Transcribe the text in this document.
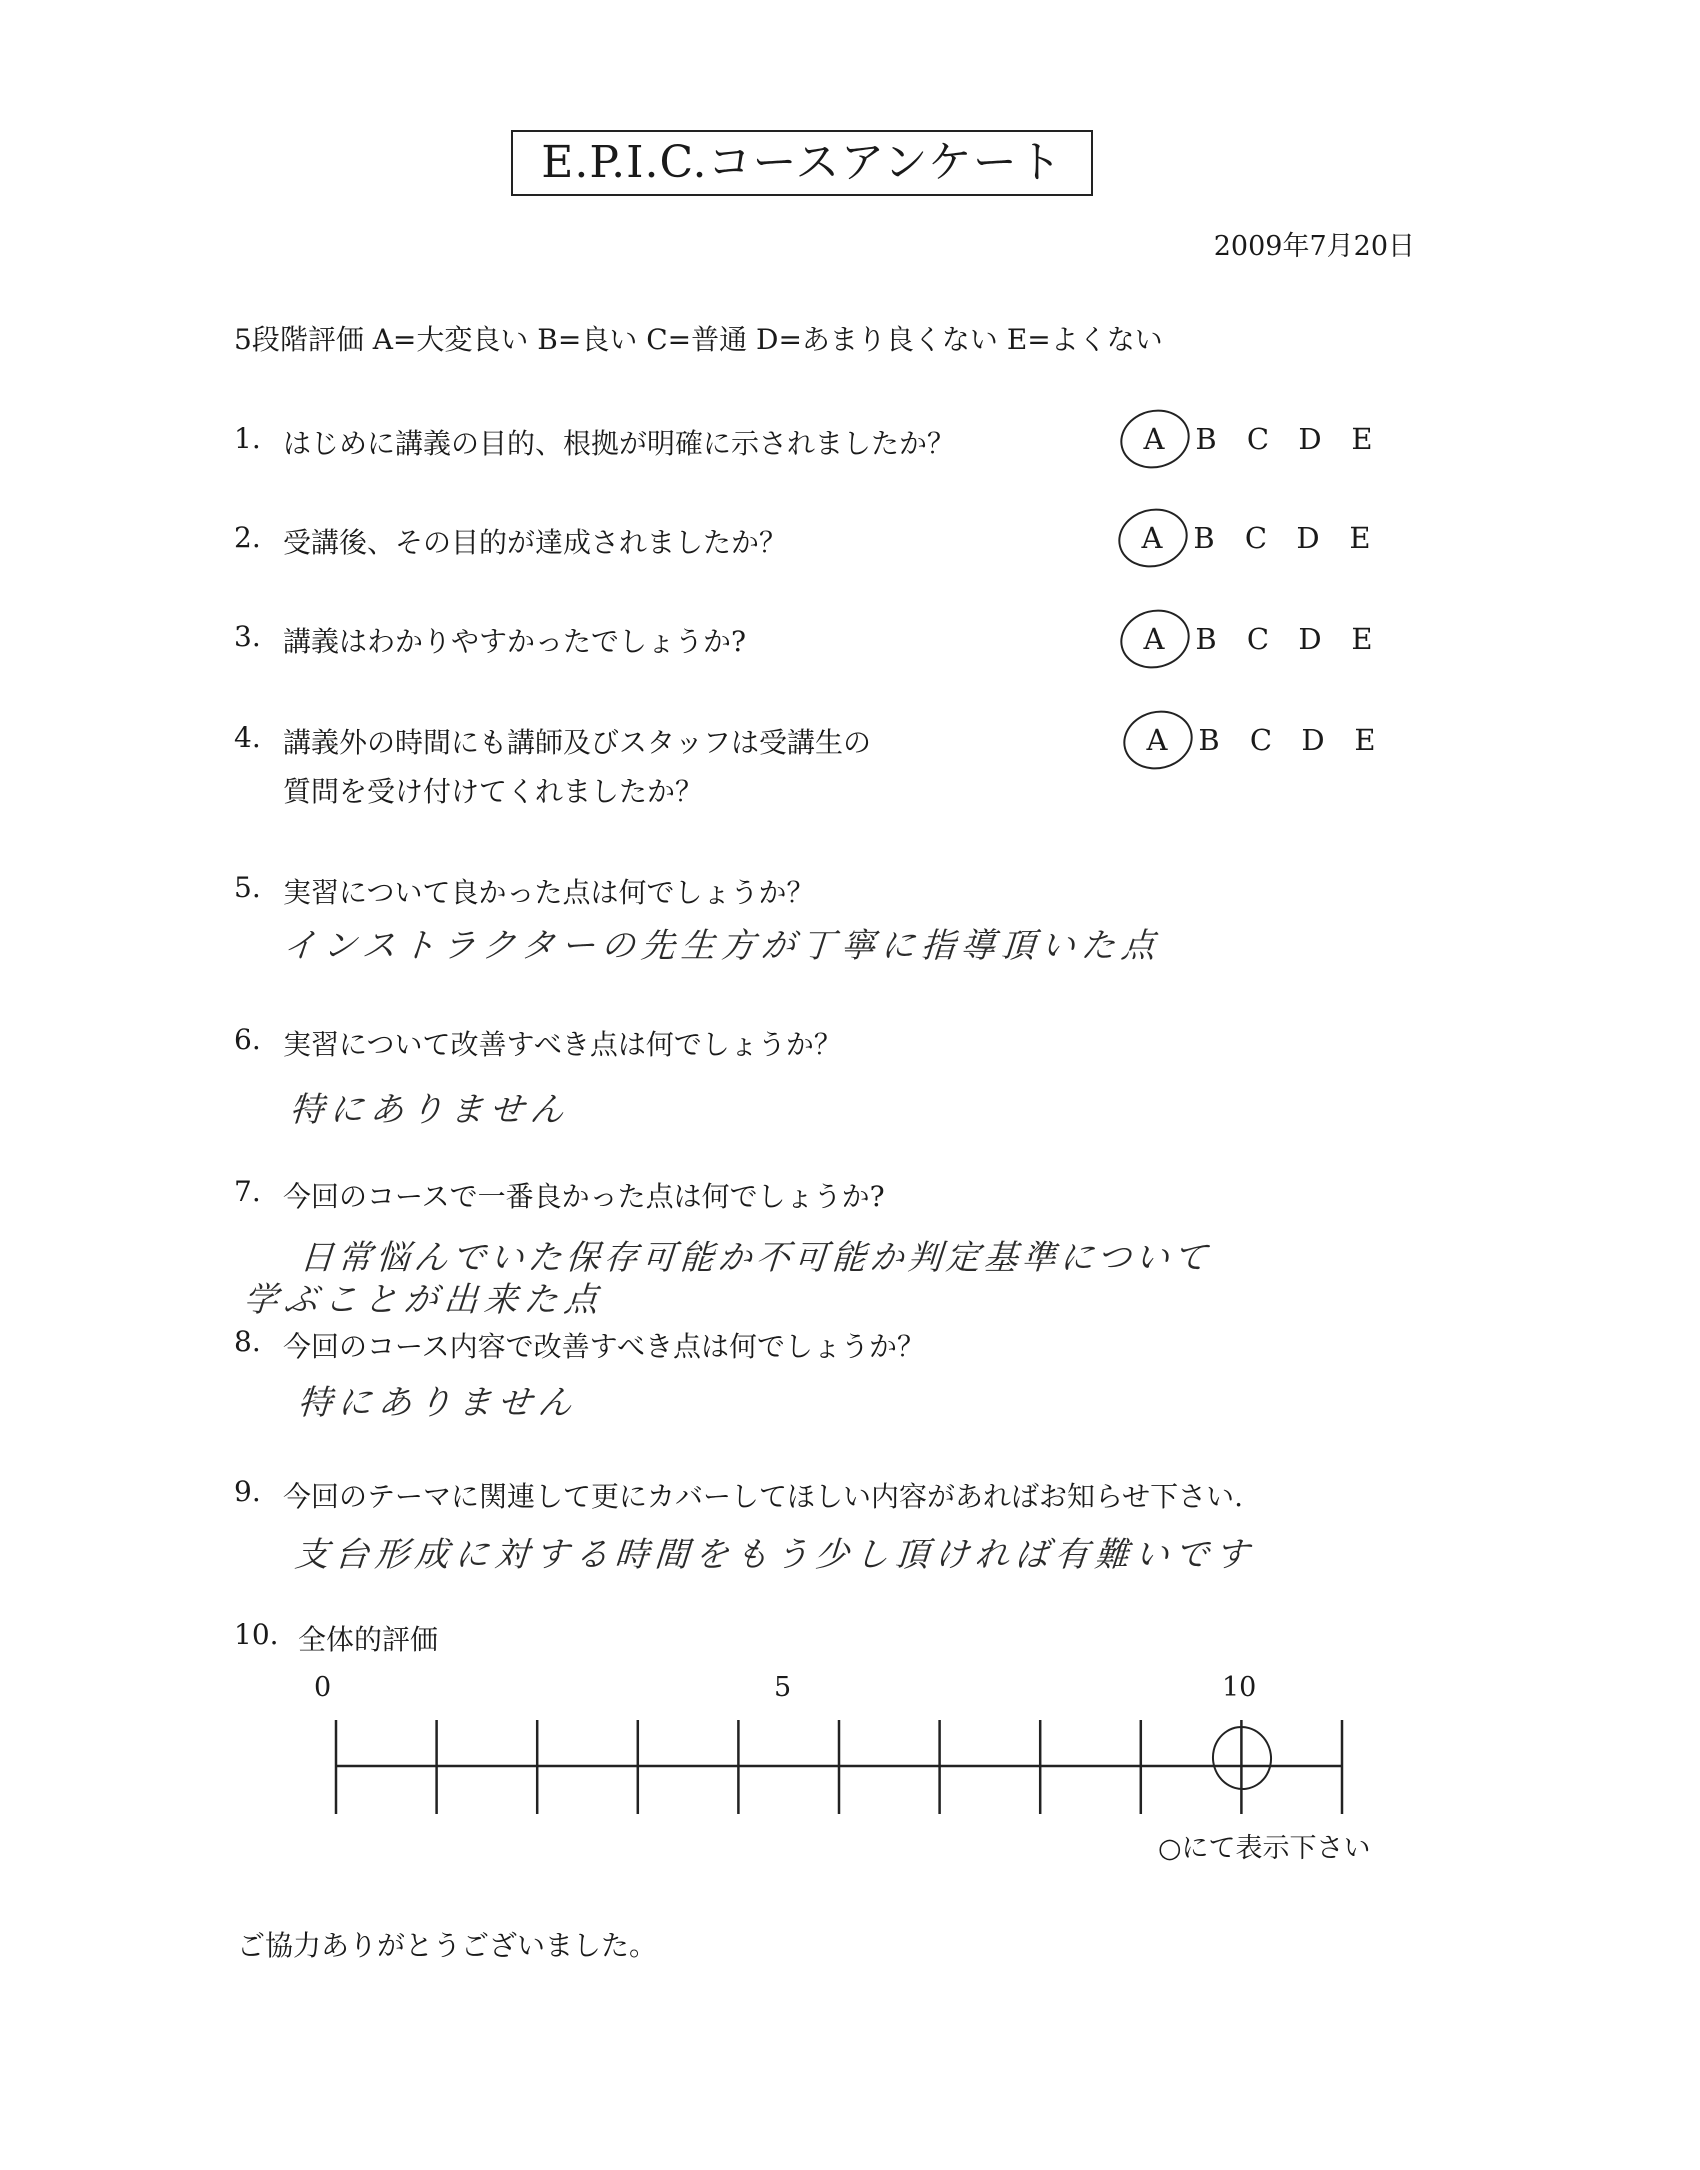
E.P.I.C.コースアンケート
2009年7月20日
5段階評価 A=大変良い B=良い C=普通 D=あまり良くない E=よくない
1. はじめに講義の目的、根拠が明確に示されましたか？	A B C D E
2. 受講後、その目的が達成されましたか？	A B C D E
3. 講義はわかりやすかったでしょうか?	A B C D E
4. 講義外の時間にも講師及びスタッフは受講生の
質問を受け付けてくれましたか？
A B C D E
5. 実習について良かった点は何でしょうか？
インストラクターの先生方が丁寧に指導頂いた点
6. 実習について改善すべき点は何でしょうか？
特にありません
7. 今回のコースで一番良かった点は何でしょうか?
日常悩んでいた保存可能か不可能か判定基準について
学ぶことが出来た点
8. 今回のコース内容で改善すべき点は何でしょうか？
特にありません
9. 今回のテーマに関連して更にカバーしてほしい内容があればお知らせ下さい.
支台形成に対する時間をもう少し頂ければ有難いです
10. 全体的評価
0	5	10
○にて表示下さい
ご協力ありがとうございました。
